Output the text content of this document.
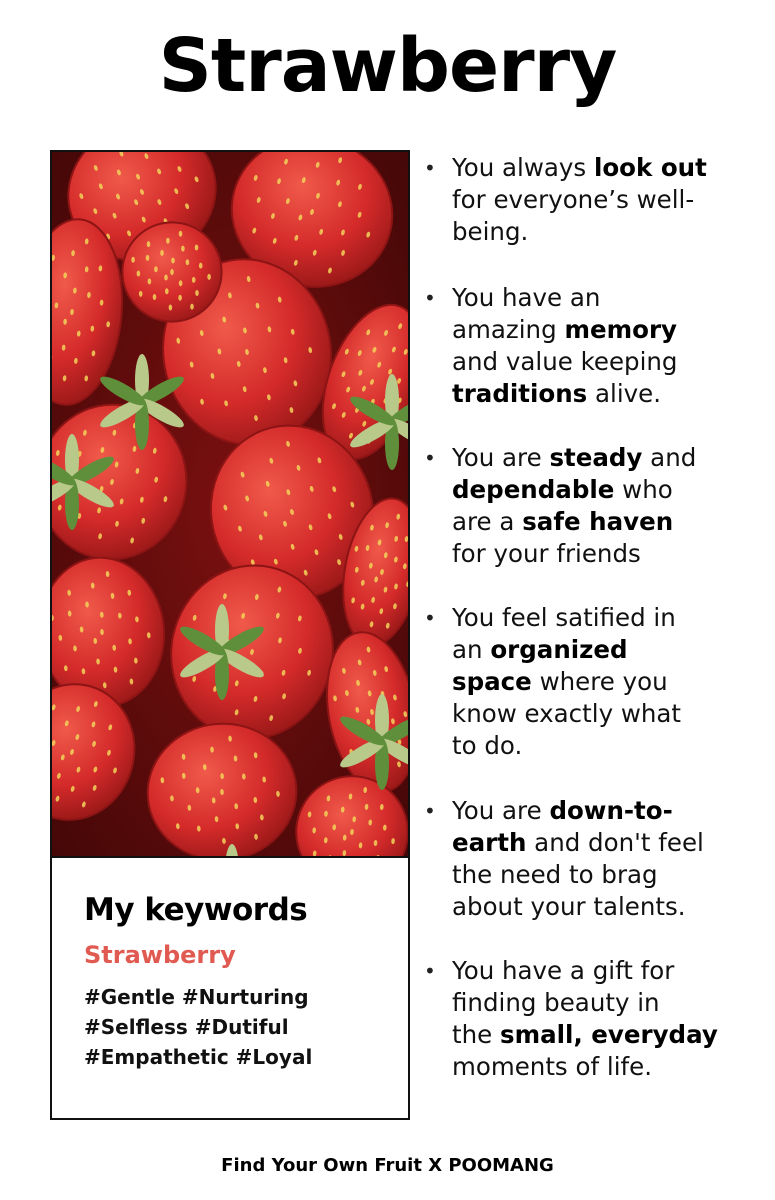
Strawberry
My keywords
Strawberry
#Gentle #Nurturing
#Selfless #Dutiful
#Empathetic #Loyal
• You always look out
for everyone’s well-
being.
• You have an
amazing memory
and value keeping
traditions alive.
• You are steady and
dependable who
are a safe haven
for your friends
• You feel satified in
an organized
space where you
know exactly what
to do.
• You are down-to-
earth and don't feel
the need to brag
about your talents.
• You have a gift for
finding beauty in
the small, everyday
moments of life.
Find Your Own Fruit X POOMANG
